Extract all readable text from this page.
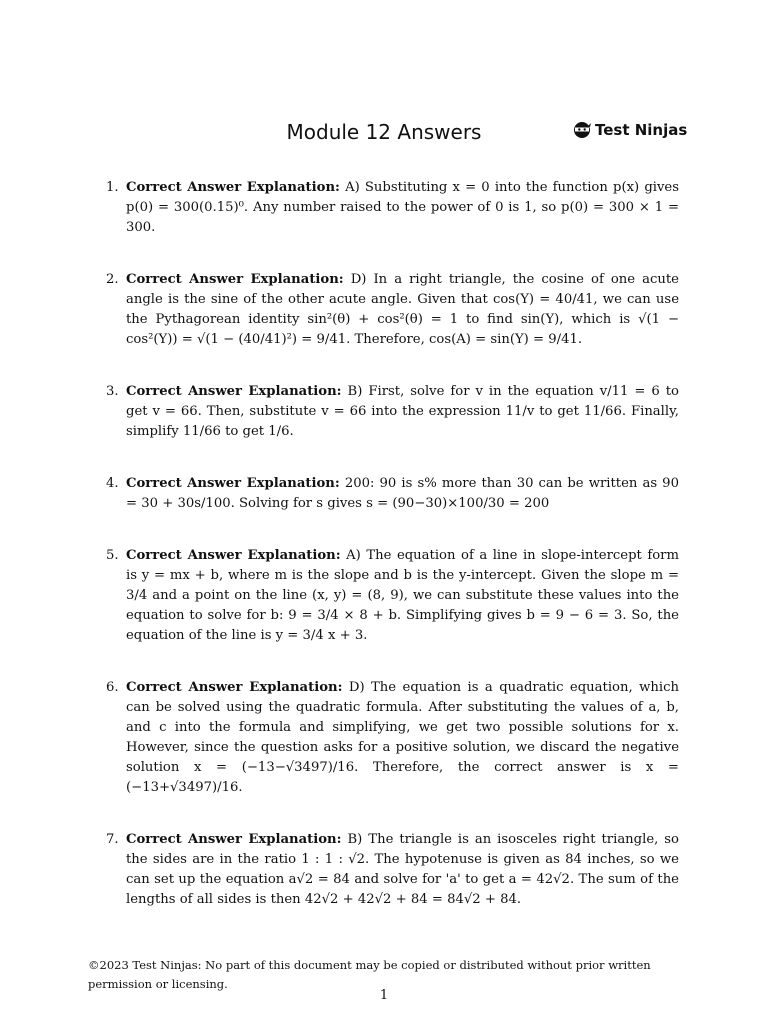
Module 12 Answers	Test Ninjas
1. Correct Answer Explanation: A) Substituting x = 0 into the function p(x) gives p(0) = 300(0.15)⁰. Any number raised to the power of 0 is 1, so p(0) = 300 × 1 = 300.
2. Correct Answer Explanation: D) In a right triangle, the cosine of one acute angle is the sine of the other acute angle. Given that cos(Y) = 40/41, we can use the Pythagorean identity sin²(θ) + cos²(θ) = 1 to find sin(Y), which is √(1 − cos²(Y)) = √(1 − (40/41)²) = 9/41. Therefore, cos(A) = sin(Y) = 9/41.
3. Correct Answer Explanation: B) First, solve for v in the equation v/11 = 6 to get v = 66. Then, substitute v = 66 into the expression 11/v to get 11/66. Finally, simplify 11/66 to get 1/6.
4. Correct Answer Explanation: 200: 90 is s% more than 30 can be written as 90 = 30 + 30s/100. Solving for s gives s = (90−30)×100/30 = 200
5. Correct Answer Explanation: A) The equation of a line in slope-intercept form is y = mx + b, where m is the slope and b is the y-intercept. Given the slope m = 3/4 and a point on the line (x, y) = (8, 9), we can substitute these values into the equation to solve for b: 9 = 3/4 × 8 + b. Simplifying gives b = 9 − 6 = 3. So, the equation of the line is y = 3/4 x + 3.
6. Correct Answer Explanation: D) The equation is a quadratic equation, which can be solved using the quadratic formula. After substituting the values of a, b, and c into the formula and simplifying, we get two possible solutions for x. However, since the question asks for a positive solution, we discard the negative solution x = (−13−√3497)/16. Therefore, the correct answer is x = (−13+√3497)/16.
7. Correct Answer Explanation: B) The triangle is an isosceles right triangle, so the sides are in the ratio 1 : 1 : √2. The hypotenuse is given as 84 inches, so we can set up the equation a√2 = 84 and solve for 'a' to get a = 42√2. The sum of the lengths of all sides is then 42√2 + 42√2 + 84 = 84√2 + 84.
©2023 Test Ninjas: No part of this document may be copied or distributed without prior written permission or licensing.
1
